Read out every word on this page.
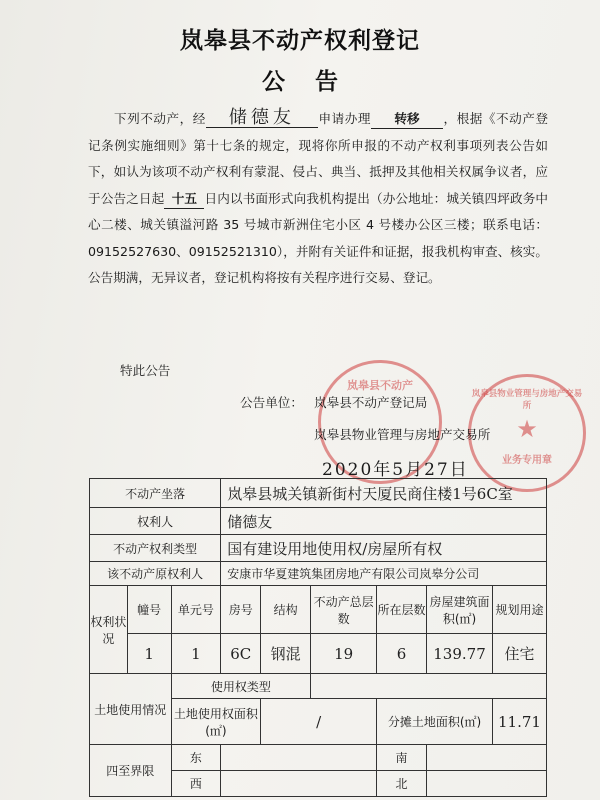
岚皋县不动产权利登记
公告
下列不动产，经 储德友 申请办理 转移 ，根据《不动产登记条例实施细则》第十七条的规定，现将你所申报的不动产权利事项列表公告如下，如认为该项不动产权利有蒙混、侵占、典当、抵押及其他相关权属争议者，应于公告之日起 十五 日内以书面形式向我机构提出（办公地址：城关镇四坪政务中心二楼、城关镇溢河路 35 号城市新洲住宅小区 4 号楼办公区三楼；联系电话：09152527630、09152521310），并附有关证件和证据，报我机构审查、核实。公告期满，无异议者，登记机构将按有关程序进行交易、登记。
特此公告
岚皋县不动产
岚皋县物业管理与房地产交易所
★
业务专用章
公告单位： 岚皋县不动产登记局
岚皋县物业管理与房地产交易所
2020年5月27日
不动产坐落			岚皋县城关镇新街村天厦民商住楼1号6C室					
权利人			储德友					
不动产权利类型			国有建设用地使用权/房屋所有权					
该不动产原权利人			安康市华夏建筑集团房地产有限公司岚皋分公司					
权利状况	幢号	单元号	房号	结构	不动产总层数	所在层数	房屋建筑面积(㎡)	规划用途
	1	1	6C	钢混	19	6	139.77	住宅
土地使用情况		使用权类型						
		土地使用权面积(㎡)		/		分摊土地面积(㎡)		11.71
四至界限		东				南		
		西				北		
